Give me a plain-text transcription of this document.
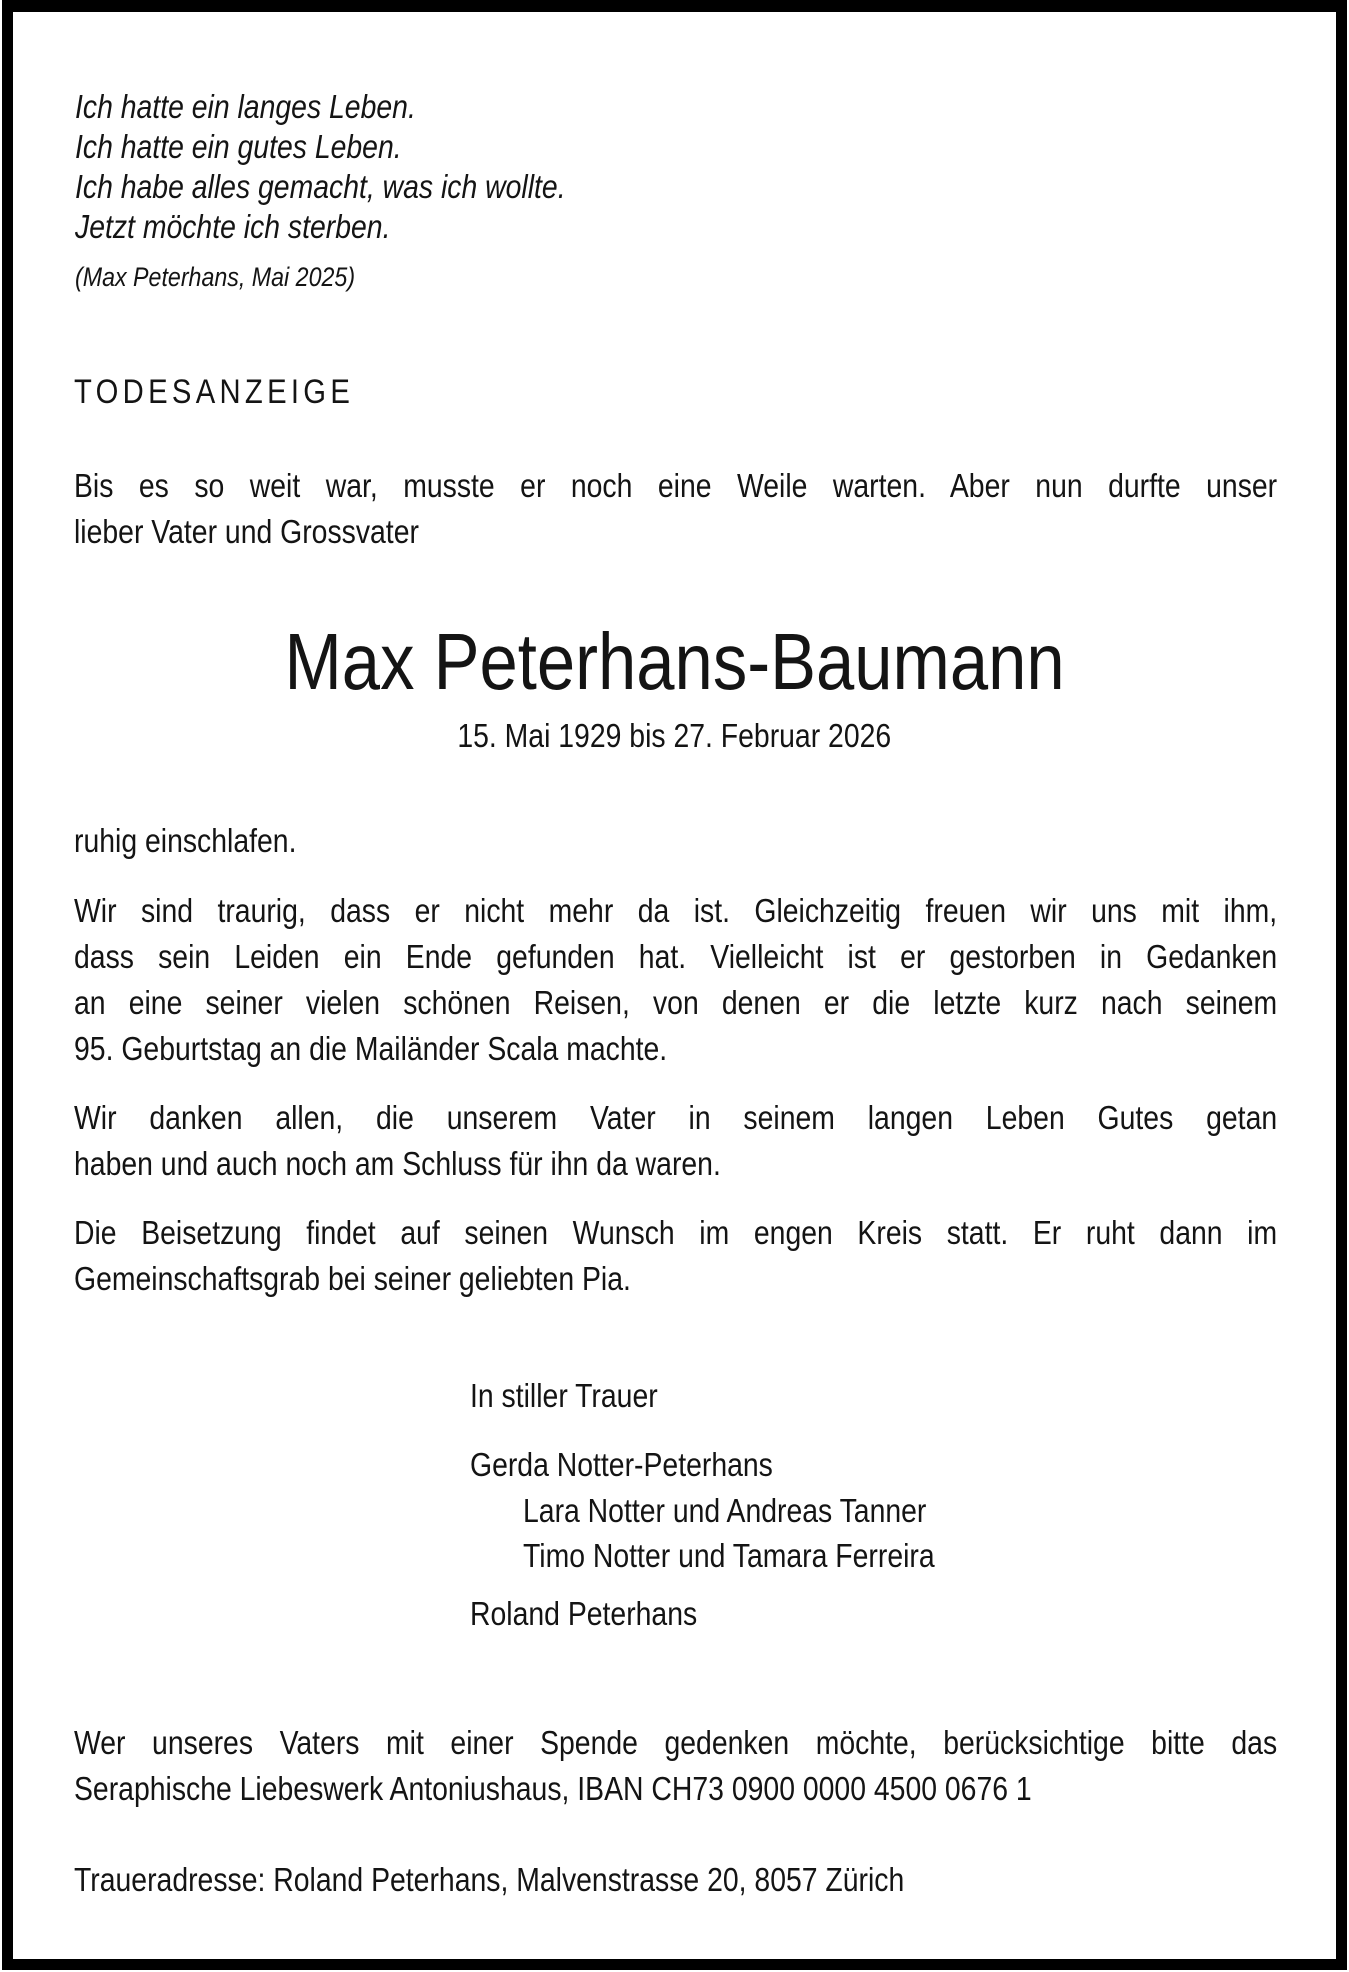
Ich hatte ein langes Leben.
Ich hatte ein gutes Leben.
Ich habe alles gemacht, was ich wollte.
Jetzt möchte ich sterben.
(Max Peterhans, Mai 2025)
TODESANZEIGE
Bis es so weit war, musste er noch eine Weile warten. Aber nun durfte unser
lieber Vater und Grossvater
Max Peterhans-Baumann
15. Mai 1929 bis 27. Februar 2026
ruhig einschlafen.
Wir sind traurig, dass er nicht mehr da ist. Gleichzeitig freuen wir uns mit ihm,
dass sein Leiden ein Ende gefunden hat. Vielleicht ist er gestorben in Gedanken
an eine seiner vielen schönen Reisen, von denen er die letzte kurz nach seinem
95. Geburtstag an die Mailänder Scala machte.
Wir danken allen, die unserem Vater in seinem langen Leben Gutes getan
haben und auch noch am Schluss für ihn da waren.
Die Beisetzung findet auf seinen Wunsch im engen Kreis statt. Er ruht dann im
Gemeinschaftsgrab bei seiner geliebten Pia.
In stiller Trauer
Gerda Notter-Peterhans
Lara Notter und Andreas Tanner
Timo Notter und Tamara Ferreira
Roland Peterhans
Wer unseres Vaters mit einer Spende gedenken möchte, berücksichtige bitte das
Seraphische Liebeswerk Antoniushaus, IBAN CH73 0900 0000 4500 0676 1
Traueradresse: Roland Peterhans, Malvenstrasse 20, 8057 Zürich
